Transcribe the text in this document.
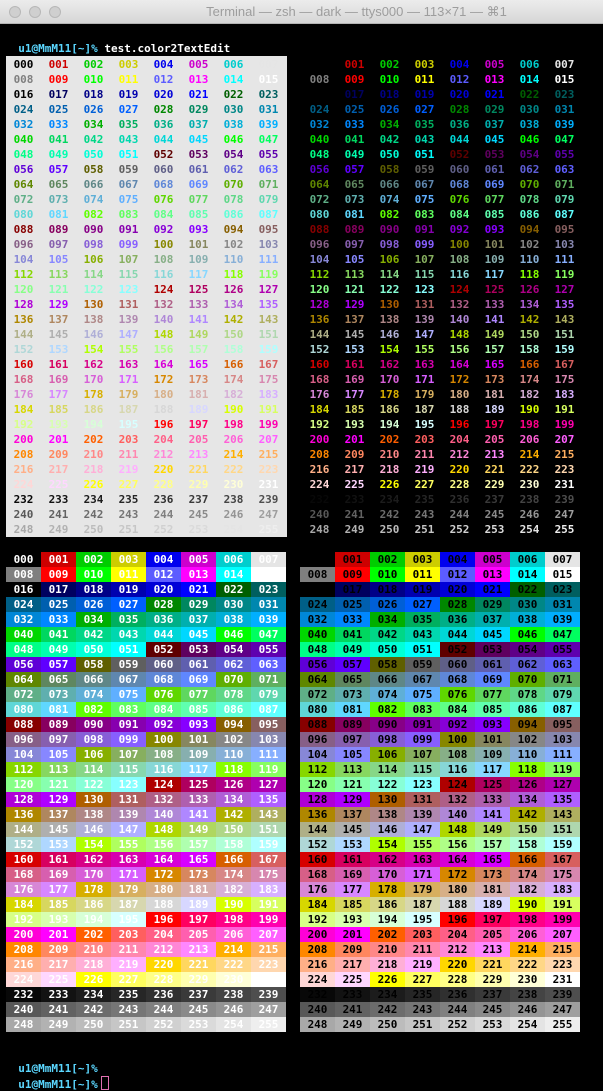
Terminal — zsh — dark — ttys000 — 113×71 — ⌘1

u1@MmM11[~]% test.color2TextEdit

000	001	002	003	004	005	006	007
008	009	010	011	012	013	014	015
016	017	018	019	020	021	022	023
024	025	026	027	028	029	030	031
032	033	034	035	036	037	038	039
040	041	042	043	044	045	046	047
048	049	050	051	052	053	054	055
056	057	058	059	060	061	062	063
064	065	066	067	068	069	070	071
072	073	074	075	076	077	078	079
080	081	082	083	084	085	086	087
088	089	090	091	092	093	094	095
096	097	098	099	100	101	102	103
104	105	106	107	108	109	110	111
112	113	114	115	116	117	118	119
120	121	122	123	124	125	126	127
128	129	130	131	132	133	134	135
136	137	138	139	140	141	142	143
144	145	146	147	148	149	150	151
152	153	154	155	156	157	158	159
160	161	162	163	164	165	166	167
168	169	170	171	172	173	174	175
176	177	178	179	180	181	182	183
184	185	186	187	188	189	190	191
192	193	194	195	196	197	198	199
200	201	202	203	204	205	206	207
208	209	210	211	212	213	214	215
216	217	218	219	220	221	222	223
224	225	226	227	228	229	230	231
232	233	234	235	236	237	238	239
240	241	242	243	244	245	246	247
248	249	250	251	252	253	254	255
000	001	002	003	004	005	006	007
008	009	010	011	012	013	014	015
016	017	018	019	020	021	022	023
024	025	026	027	028	029	030	031
032	033	034	035	036	037	038	039
040	041	042	043	044	045	046	047
048	049	050	051	052	053	054	055
056	057	058	059	060	061	062	063
064	065	066	067	068	069	070	071
072	073	074	075	076	077	078	079
080	081	082	083	084	085	086	087
088	089	090	091	092	093	094	095
096	097	098	099	100	101	102	103
104	105	106	107	108	109	110	111
112	113	114	115	116	117	118	119
120	121	122	123	124	125	126	127
128	129	130	131	132	133	134	135
136	137	138	139	140	141	142	143
144	145	146	147	148	149	150	151
152	153	154	155	156	157	158	159
160	161	162	163	164	165	166	167
168	169	170	171	172	173	174	175
176	177	178	179	180	181	182	183
184	185	186	187	188	189	190	191
192	193	194	195	196	197	198	199
200	201	202	203	204	205	206	207
208	209	210	211	212	213	214	215
216	217	218	219	220	221	222	223
224	225	226	227	228	229	230	231
232	233	234	235	236	237	238	239
240	241	242	243	244	245	246	247
248	249	250	251	252	253	254	255
000	001	002	003	004	005	006	007
008	009	010	011	012	013	014	015
016	017	018	019	020	021	022	023
024	025	026	027	028	029	030	031
032	033	034	035	036	037	038	039
040	041	042	043	044	045	046	047
048	049	050	051	052	053	054	055
056	057	058	059	060	061	062	063
064	065	066	067	068	069	070	071
072	073	074	075	076	077	078	079
080	081	082	083	084	085	086	087
088	089	090	091	092	093	094	095
096	097	098	099	100	101	102	103
104	105	106	107	108	109	110	111
112	113	114	115	116	117	118	119
120	121	122	123	124	125	126	127
128	129	130	131	132	133	134	135
136	137	138	139	140	141	142	143
144	145	146	147	148	149	150	151
152	153	154	155	156	157	158	159
160	161	162	163	164	165	166	167
168	169	170	171	172	173	174	175
176	177	178	179	180	181	182	183
184	185	186	187	188	189	190	191
192	193	194	195	196	197	198	199
200	201	202	203	204	205	206	207
208	209	210	211	212	213	214	215
216	217	218	219	220	221	222	223
224	225	226	227	228	229	230	231
232	233	234	235	236	237	238	239
240	241	242	243	244	245	246	247
248	249	250	251	252	253	254	255
000	001	002	003	004	005	006	007
008	009	010	011	012	013	014	015
016	017	018	019	020	021	022	023
024	025	026	027	028	029	030	031
032	033	034	035	036	037	038	039
040	041	042	043	044	045	046	047
048	049	050	051	052	053	054	055
056	057	058	059	060	061	062	063
064	065	066	067	068	069	070	071
072	073	074	075	076	077	078	079
080	081	082	083	084	085	086	087
088	089	090	091	092	093	094	095
096	097	098	099	100	101	102	103
104	105	106	107	108	109	110	111
112	113	114	115	116	117	118	119
120	121	122	123	124	125	126	127
128	129	130	131	132	133	134	135
136	137	138	139	140	141	142	143
144	145	146	147	148	149	150	151
152	153	154	155	156	157	158	159
160	161	162	163	164	165	166	167
168	169	170	171	172	173	174	175
176	177	178	179	180	181	182	183
184	185	186	187	188	189	190	191
192	193	194	195	196	197	198	199
200	201	202	203	204	205	206	207
208	209	210	211	212	213	214	215
216	217	218	219	220	221	222	223
224	225	226	227	228	229	230	231
232	233	234	235	236	237	238	239
240	241	242	243	244	245	246	247
248	249	250	251	252	253	254	255

u1@MmM11[~]%

u1@MmM11[~]%
